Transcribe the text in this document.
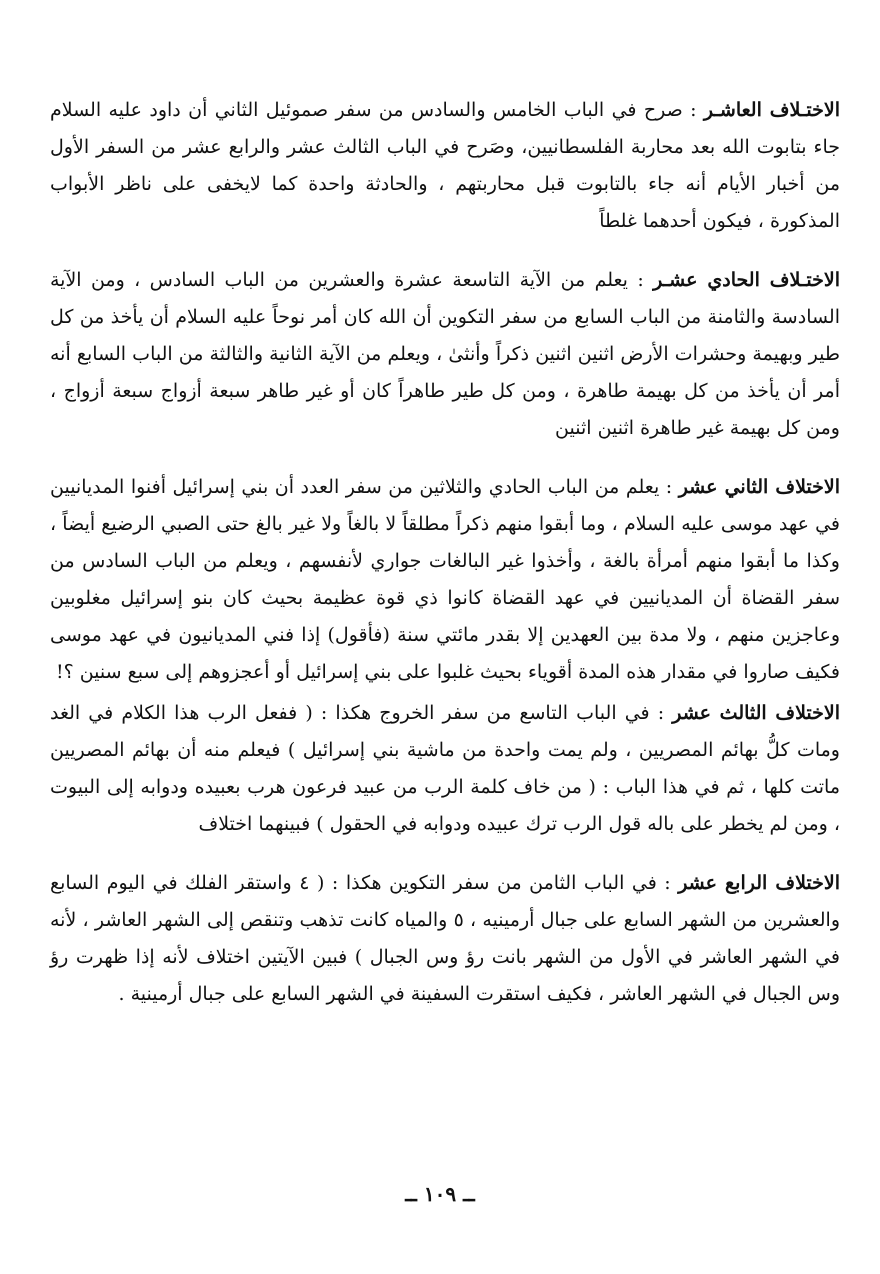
الاختـلاف العاشـر : صرح في الباب الخامس والسادس من سفر صموئيل الثاني أن داود عليه السلام جاء بتابوت الله بعد محاربة الفلسطانيين، وصَرح في الباب الثالث عشر والرابع عشر من السفر الأول من أخبار الأيام أنه جاء بالتابوت قبل محاربتهم ، والحادثة واحدة كما لايخفى على ناظر الأبواب المذكورة ، فيكون أحدهما غلطاً

الاختـلاف الحادي عشـر : يعلم من الآية التاسعة عشرة والعشرين من الباب السادس ، ومن الآية السادسة والثامنة من الباب السابع من سفر التكوين أن الله كان أمر نوحاً عليه السلام أن يأخذ من كل طير وبهيمة وحشرات الأرض اثنين اثنين ذكراً وأنثىٰ ، ويعلم من الآية الثانية والثالثة من الباب السابع أنه أمر أن يأخذ من كل بهيمة طاهرة ، ومن كل طير طاهراً كان أو غير طاهر سبعة أزواج سبعة أزواج ، ومن كل بهيمة غير طاهرة اثنين اثنين

الاختلاف الثاني عشر : يعلم من الباب الحادي والثلاثين من سفر العدد أن بني إسرائيل أفنوا المديانيين في عهد موسى عليه السلام ، وما أبقوا منهم ذكراً مطلقاً لا بالغاً ولا غير بالغ حتى الصبي الرضيع أيضاً ، وكذا ما أبقوا منهم أمرأة بالغة ، وأخذوا غير البالغات جواري لأنفسهم ، ويعلم من الباب السادس من سفر القضاة أن المديانيين في عهد القضاة كانوا ذي قوة عظيمة بحيث كان بنو إسرائيل مغلوبين وعاجزين منهم ، ولا مدة بين العهدين إلا بقدر مائتي سنة (فأقول) إذا فني المديانيون في عهد موسى فكيف صاروا في مقدار هذه المدة أقوياء بحيث غلبوا على بني إسرائيل أو أعجزوهم إلى سبع سنين ؟!

الاختلاف الثالث عشر : في الباب التاسع من سفر الخروج هكذا : ( ففعل الرب هذا الكلام في الغد ومات كلُّ بهائم المصريين ، ولم يمت واحدة من ماشية بني إسرائيل ) فيعلم منه أن بهائم المصريين ماتت كلها ، ثم في هذا الباب : ( من خاف كلمة الرب من عبيد فرعون هرب بعبيده ودوابه إلى البيوت ، ومن لم يخطر على باله قول الرب ترك عبيده ودوابه في الحقول ) فبينهما اختلاف

الاختلاف الرابع عشر : في الباب الثامن من سفر التكوين هكذا : ( ٤ واستقر الفلك في اليوم السابع والعشرين من الشهر السابع على جبال أرمينيه ، ٥ والمياه كانت تذهب وتنقص إلى الشهر العاشر ، لأنه في الشهر العاشر في الأول من الشهر بانت رؤ وس الجبال ) فبين الآيتين اختلاف لأنه إذا ظهرت رؤ وس الجبال في الشهر العاشر ، فكيف استقرت السفينة في الشهر السابع على جبال أرمينية .

ــ ١٠٩ ــ
